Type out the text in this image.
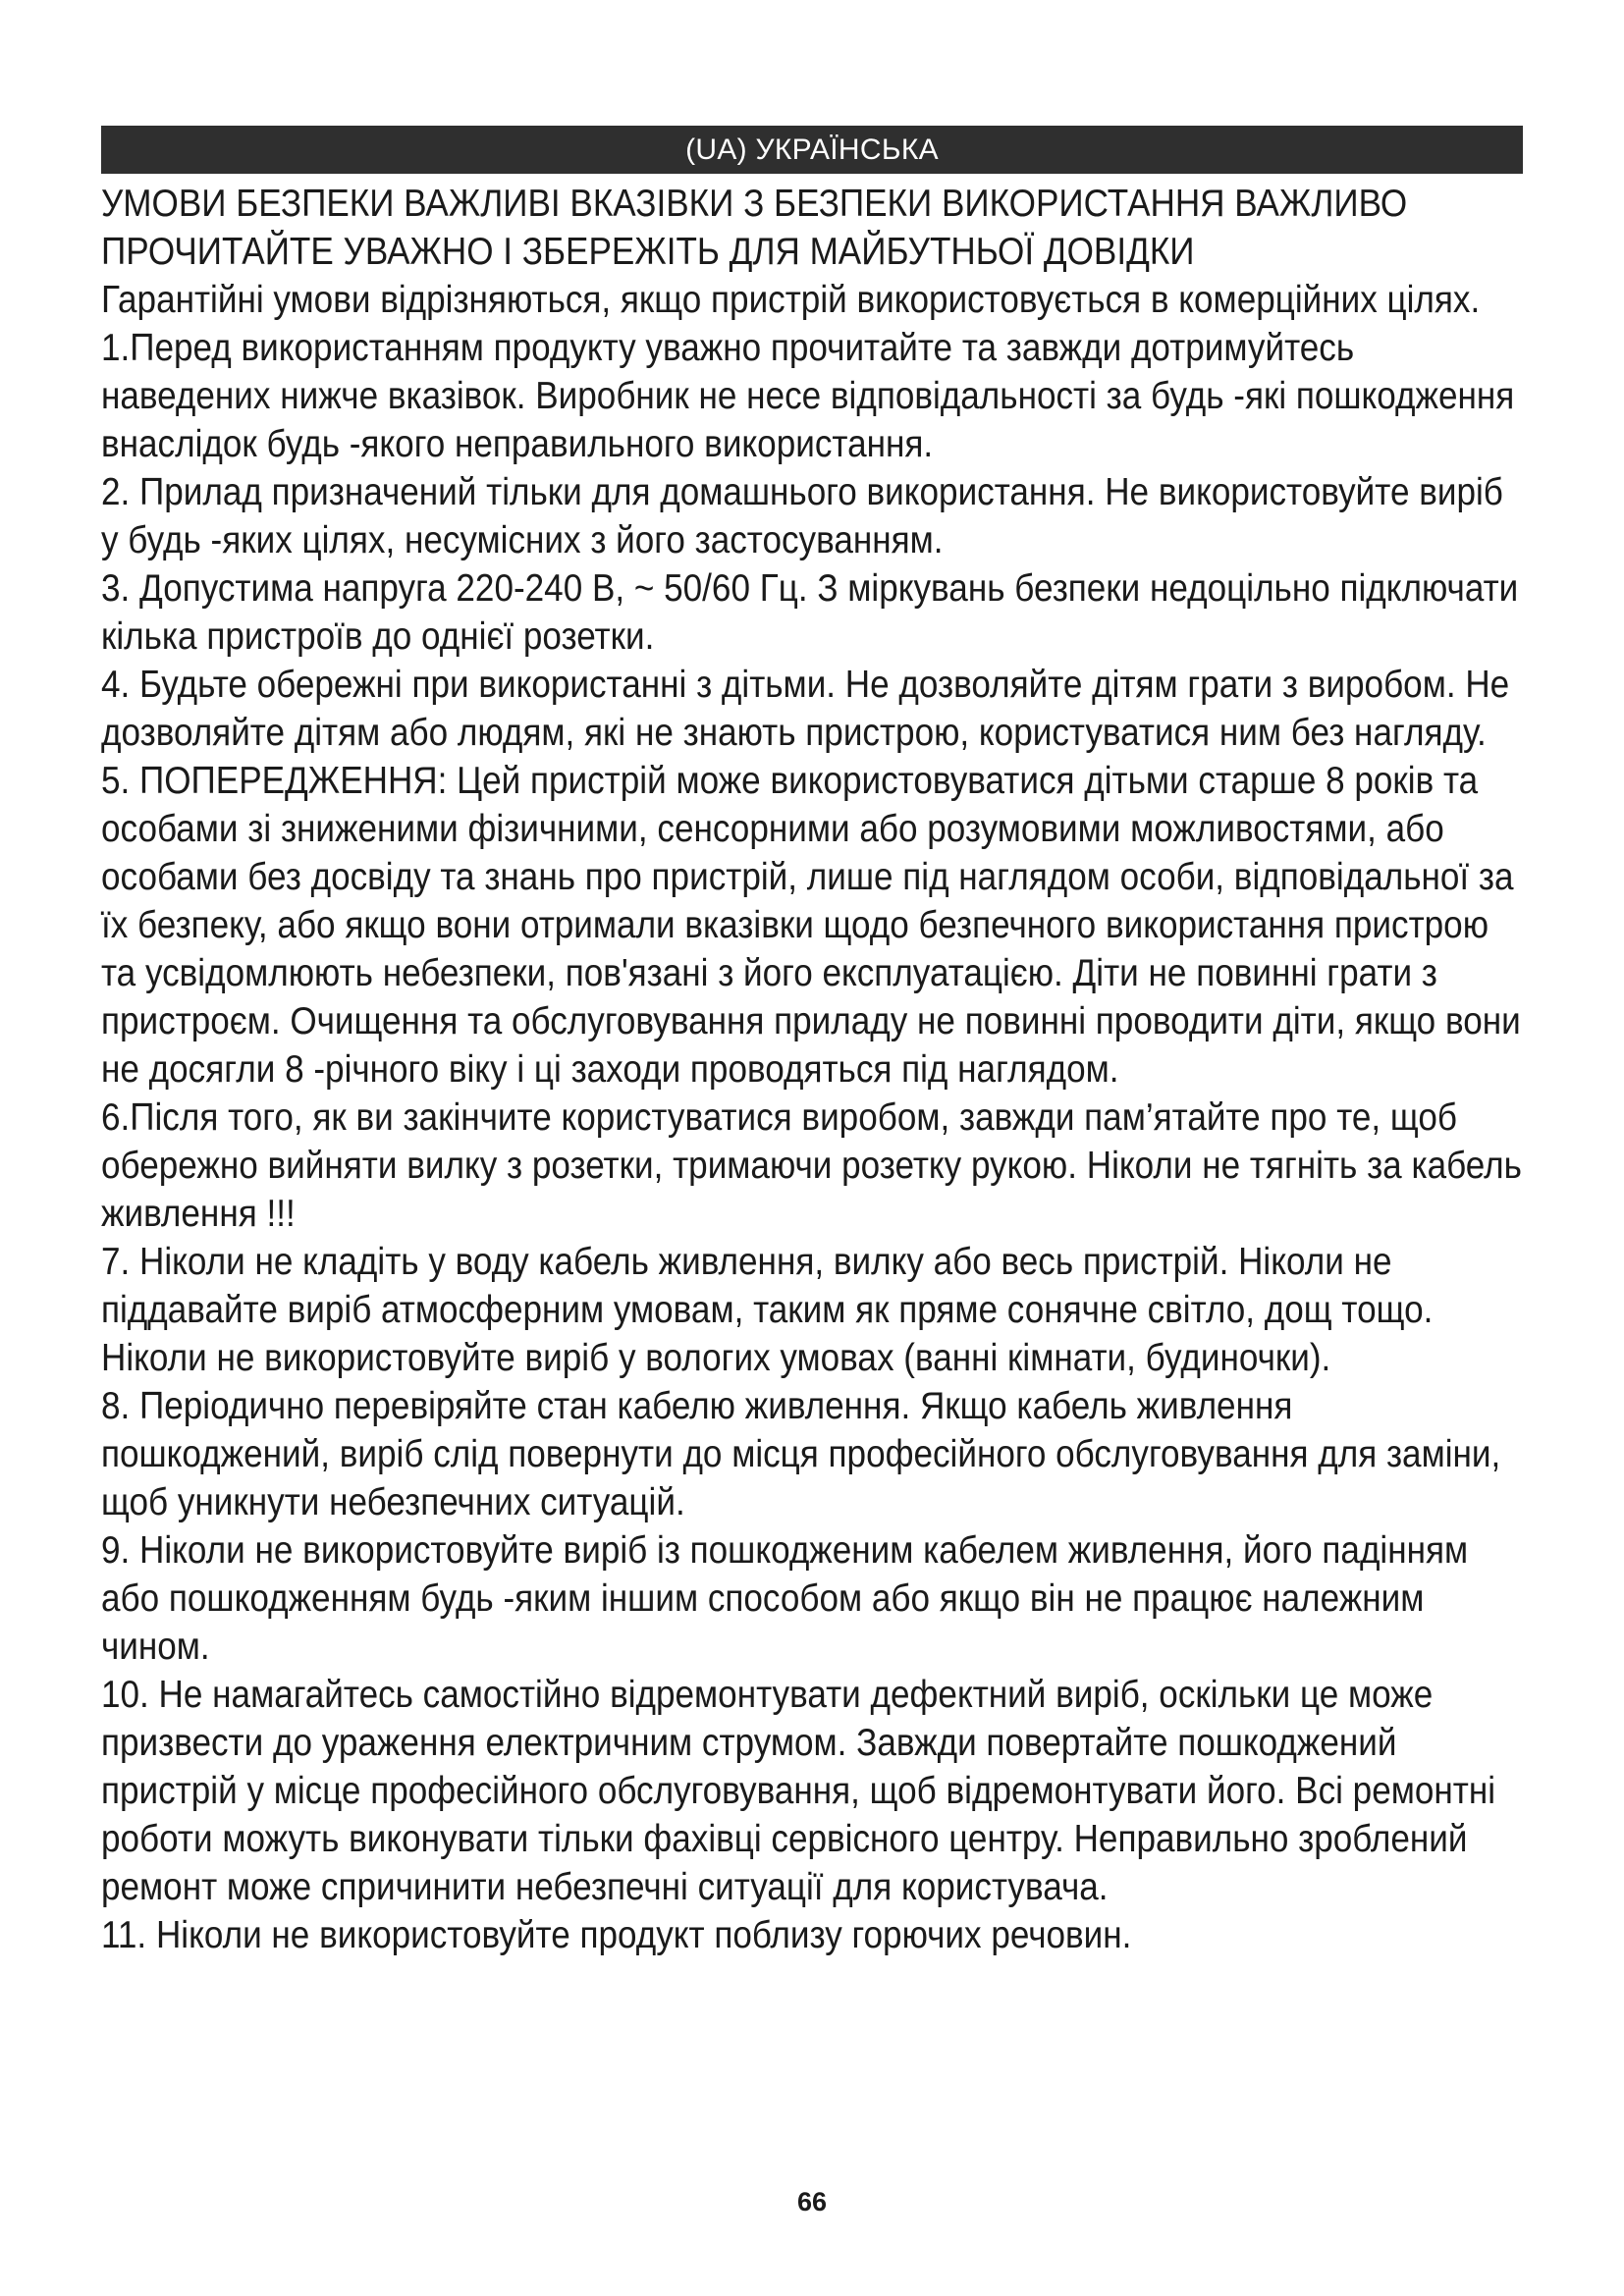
(UA) УКРАЇНСЬКА
УМОВИ БЕЗПЕКИ ВАЖЛИВІ ВКАЗІВКИ З БЕЗПЕКИ ВИКОРИСТАННЯ ВАЖЛИВО ПРОЧИТАЙТЕ УВАЖНО І ЗБЕРЕЖІТЬ ДЛЯ МАЙБУТНЬОЇ ДОВІДКИ

Гарантійні умови відрізняються, якщо пристрій використовується в комерційних цілях.

1.Перед використанням продукту уважно прочитайте та завжди дотримуйтесь наведених нижче вказівок. Виробник не несе відповідальності за будь -які пошкодження внаслідок будь -якого неправильного використання.

2. Прилад призначений тільки для домашнього використання. Не використовуйте виріб у будь -яких цілях, несумісних з його застосуванням.

3. Допустима напруга 220-240 В, ~ 50/60 Гц. З міркувань безпеки недоцільно підключати кілька пристроїв до однієї розетки.

4. Будьте обережні при використанні з дітьми. Не дозволяйте дітям грати з виробом. Не дозволяйте дітям або людям, які не знають пристрою, користуватися ним без нагляду.

5. ПОПЕРЕДЖЕННЯ: Цей пристрій може використовуватися дітьми старше 8 років та особами зі зниженими фізичними, сенсорними або розумовими можливостями, або особами без досвіду та знань про пристрій, лише під наглядом особи, відповідальної за їх безпеку, або якщо вони отримали вказівки щодо безпечного використання пристрою та усвідомлюють небезпеки, пов'язані з його експлуатацією. Діти не повинні грати з пристроєм. Очищення та обслуговування приладу не повинні проводити діти, якщо вони не досягли 8 -річного віку і ці заходи проводяться під наглядом.

6.Після того, як ви закінчите користуватися виробом, завжди пам’ятайте про те, щоб обережно вийняти вилку з розетки, тримаючи розетку рукою. Ніколи не тягніть за кабель живлення !!!

7. Ніколи не кладіть у воду кабель живлення, вилку або весь пристрій. Ніколи не піддавайте виріб атмосферним умовам, таким як пряме сонячне світло, дощ тощо. Ніколи не використовуйте виріб у вологих умовах (ванні кімнати, будиночки).

8. Періодично перевіряйте стан кабелю живлення. Якщо кабель живлення пошкоджений, виріб слід повернути до місця професійного обслуговування для заміни, щоб уникнути небезпечних ситуацій.

9. Ніколи не використовуйте виріб із пошкодженим кабелем живлення, його падінням або пошкодженням будь -яким іншим способом або якщо він не працює належним чином.

10. Не намагайтесь самостійно відремонтувати дефектний виріб, оскільки це може призвести до ураження електричним струмом. Завжди повертайте пошкоджений пристрій у місце професійного обслуговування, щоб відремонтувати його. Всі ремонтні роботи можуть виконувати тільки фахівці сервісного центру. Неправильно зроблений ремонт може спричинити небезпечні ситуації для користувача.

11. Ніколи не використовуйте продукт поблизу горючих речовин.

66
